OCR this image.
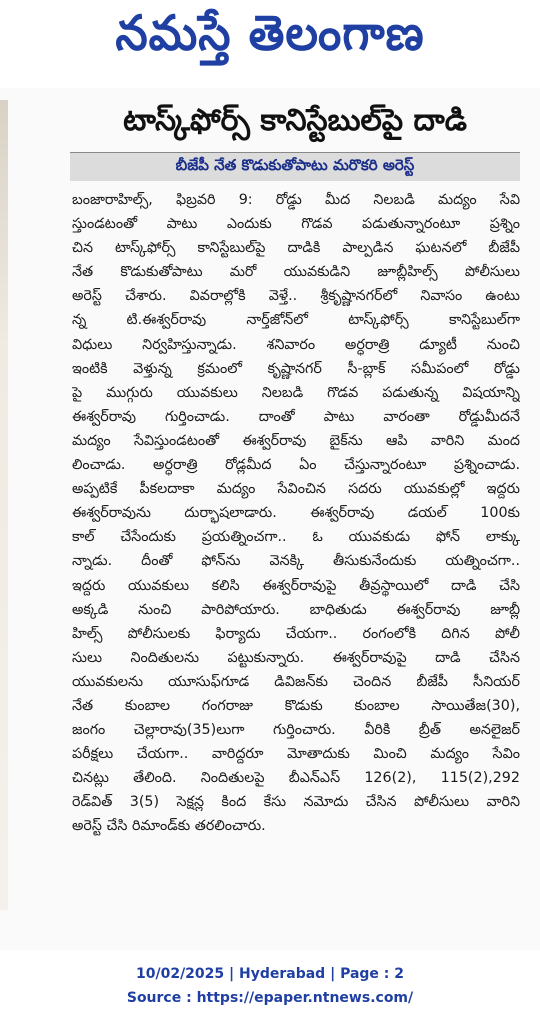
నమస్తే తెలంగాణ
టాస్క్‌ఫోర్స్ కానిస్టేబుల్‌పై దాడి
బీజేపీ నేత కొడుకుతోపాటు మరొకరి అరెస్ట్
బంజారాహిల్స్, ఫిబ్రవరి 9: రోడ్డు మీద నిలబడి మద్యం సేవి
స్తుండటంతో పాటు ఎందుకు గొడవ పడుతున్నారంటూ ప్రశ్నిం
చిన టాస్క్‌ఫోర్స్ కానిస్టేబుల్‌పై దాడికి పాల్పడిన ఘటనలో బీజేపీ
నేత కొడుకుతోపాటు మరో యువకుడిని జూబ్లీహిల్స్ పోలీసులు
అరెస్ట్ చేశారు. వివరాల్లోకి వెళ్తే.. శ్రీకృష్ణానగర్‌లో నివాసం ఉంటు
న్న టి.ఈశ్వర్‌రావు నార్త్‌జోన్‌లో టాస్క్‌ఫోర్స్ కానిస్టేబుల్‌గా
విధులు నిర్వహిస్తున్నాడు. శనివారం అర్ధరాత్రి డ్యూటీ నుంచి
ఇంటికి వెళ్తున్న క్రమంలో కృష్ణానగర్ సీ-బ్లాక్ సమీపంలో రోడ్డు
పై ముగ్గురు యువకులు నిలబడి గొడవ పడుతున్న విషయాన్ని
ఈశ్వర్‌రావు గుర్తించాడు. దాంతో పాటు వారంతా రోడ్డుమీదనే
మద్యం సేవిస్తుండటంతో ఈశ్వర్‌రావు బైక్‌ను ఆపి వారిని మంద
లించాడు. అర్ధరాత్రి రోడ్లమీద ఏం చేస్తున్నారంటూ ప్రశ్నించాడు.
అప్పటికే పీకలదాకా మద్యం సేవించిన సదరు యువకుల్లో ఇద్దరు
ఈశ్వర్‌రావును దుర్భాషలాడారు. ఈశ్వర్‌రావు డయల్ 100కు
కాల్ చేసేందుకు ప్రయత్నించగా.. ఓ యువకుడు ఫోన్ లాక్కు
న్నాడు. దీంతో ఫోన్‌ను వెనక్కి తీసుకునేందుకు యత్నించగా..
ఇద్దరు యువకులు కలిసి ఈశ్వర్‌రావుపై తీవ్రస్థాయిలో దాడి చేసి
అక్కడి నుంచి పారిపోయారు. బాధితుడు ఈశ్వర్‌రావు జూబ్లీ
హిల్స్ పోలీసులకు ఫిర్యాదు చేయగా.. రంగంలోకి దిగిన పోలీ
సులు నిందితులను పట్టుకున్నారు. ఈశ్వర్‌రావుపై దాడి చేసిన
యువకులను యూసుఫ్‌గూడ డివిజన్‌కు చెందిన బీజేపీ సీనియర్
నేత కుంబాల గంగరాజు కొడుకు కుంబాల సాయితేజ(30),
జంగం చెల్లారావు(35)లుగా గుర్తించారు. వీరికి బ్రీత్ అనలైజర్
పరీక్షలు చేయగా.. వారిద్దరూ మోతాదుకు మించి మద్యం సేవిం
చినట్లు తేలింది. నిందితులపై బీఎన్ఎస్ 126(2), 115(2),292
రెడ్‌విత్ 3(5) సెక్షన్ల కింద కేసు నమోదు చేసిన పోలీసులు వారిని
అరెస్ట్ చేసి రిమాండ్‌కు తరలించారు.
10/02/2025 | Hyderabad | Page : 2
Source : https://epaper.ntnews.com/
